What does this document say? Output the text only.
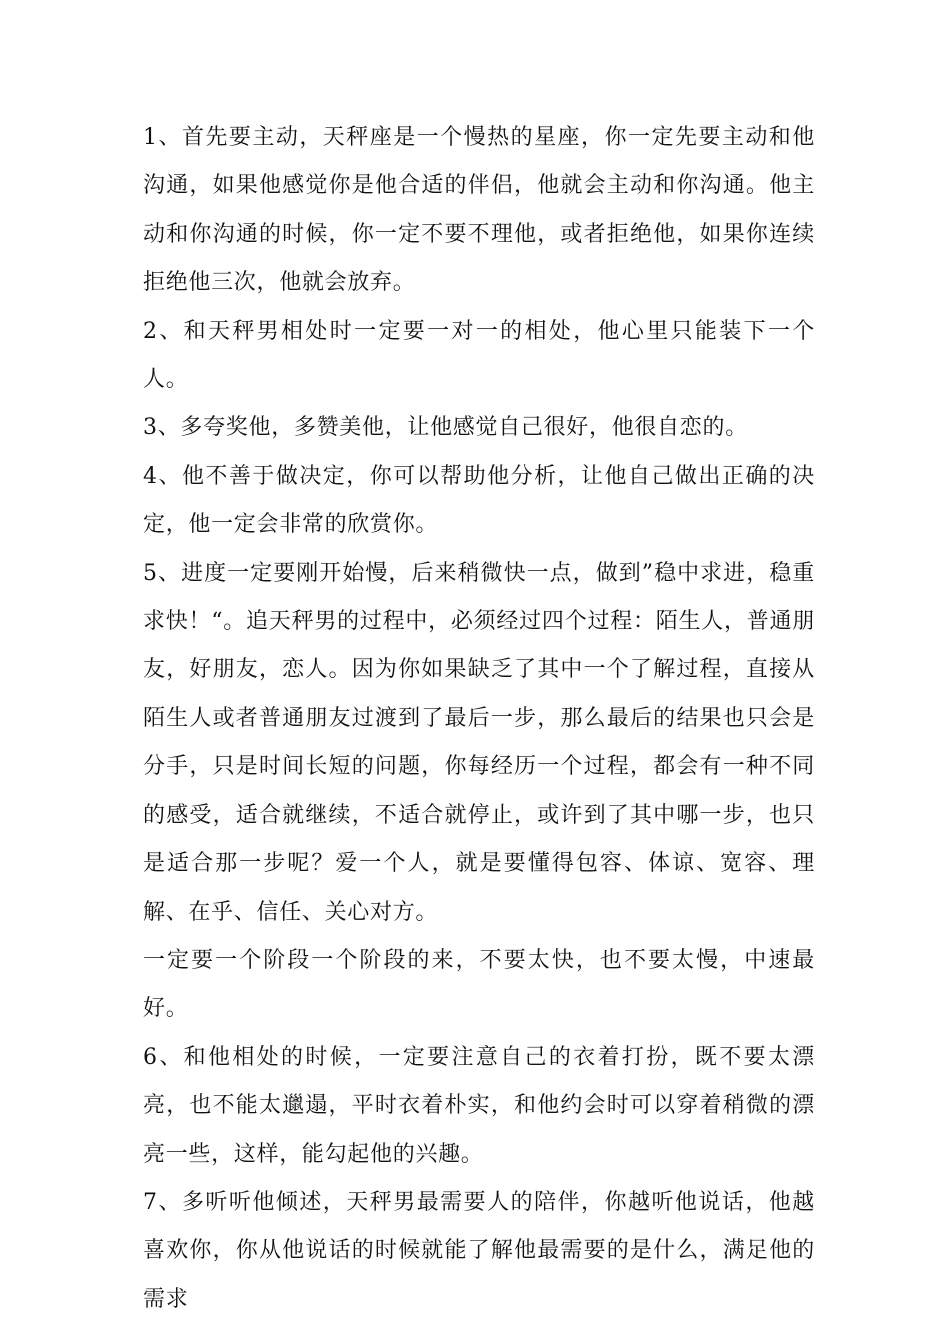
1、首先要主动，天秤座是一个慢热的星座，你一定先要主动和他沟通，如果他感觉你是他合适的伴侣，他就会主动和你沟通。他主动和你沟通的时候，你一定不要不理他，或者拒绝他，如果你连续拒绝他三次，他就会放弃。

2、和天秤男相处时一定要一对一的相处，他心里只能装下一个人。

3、多夸奖他，多赞美他，让他感觉自己很好，他很自恋的。

4、他不善于做决定，你可以帮助他分析，让他自己做出正确的决定，他一定会非常的欣赏你。

5、进度一定要刚开始慢，后来稍微快一点，做到”稳中求进，稳重求快！“。追天秤男的过程中，必须经过四个过程：陌生人，普通朋友，好朋友，恋人。因为你如果缺乏了其中一个了解过程，直接从陌生人或者普通朋友过渡到了最后一步，那么最后的结果也只会是分手，只是时间长短的问题，你每经历一个过程，都会有一种不同的感受，适合就继续，不适合就停止，或许到了其中哪一步，也只是适合那一步呢？爱一个人，就是要懂得包容、体谅、宽容、理解、在乎、信任、关心对方。

一定要一个阶段一个阶段的来，不要太快，也不要太慢，中速最好。

6、和他相处的时候，一定要注意自己的衣着打扮，既不要太漂亮，也不能太邋遢，平时衣着朴实，和他约会时可以穿着稍微的漂亮一些，这样，能勾起他的兴趣。

7、多听听他倾述，天秤男最需要人的陪伴，你越听他说话，他越喜欢你，你从他说话的时候就能了解他最需要的是什么，满足他的需求
